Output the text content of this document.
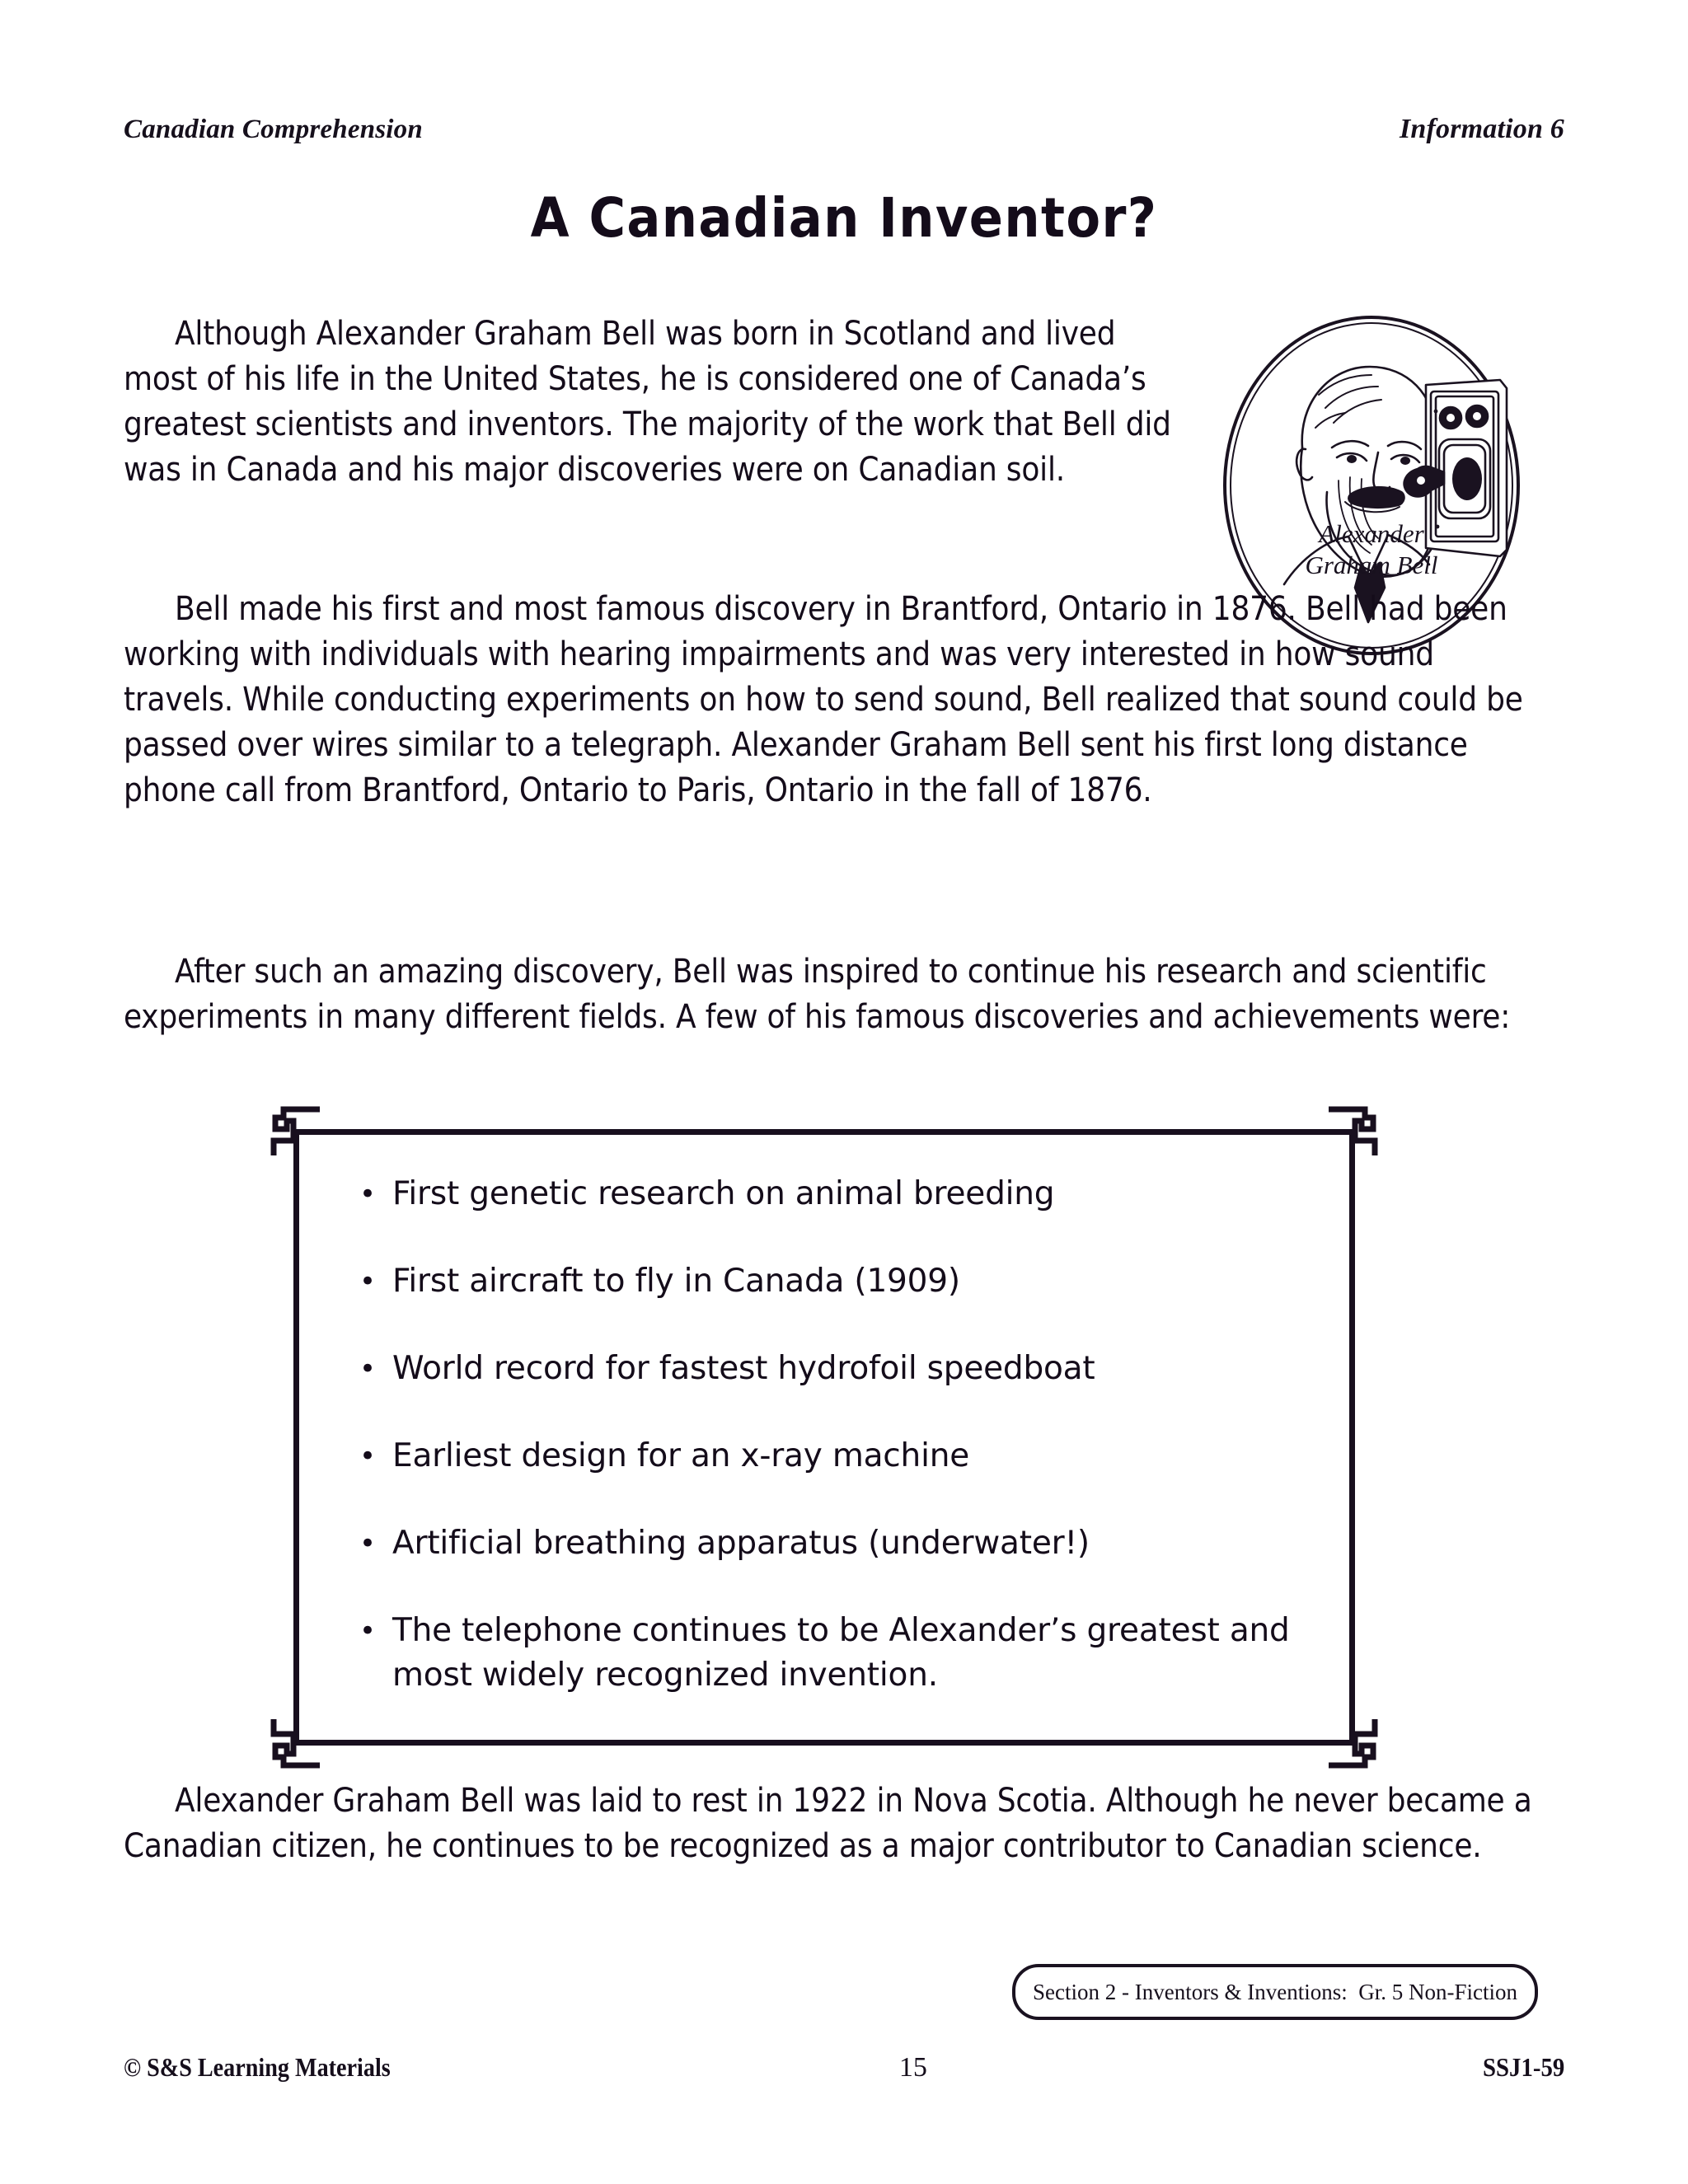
Canadian Comprehension	Information 6
A Canadian Inventor?
Although Alexander Graham Bell was born in Scotland and lived most of his life in the United States, he is considered one of Canada’s greatest scientists and inventors. The majority of the work that Bell did was in Canada and his major discoveries were on Canadian soil.
Alexander
Graham Bell
Bell made his first and most famous discovery in Brantford, Ontario in 1876. Bell had been working with individuals with hearing impairments and was very interested in how sound travels. While conducting experiments on how to send sound, Bell realized that sound could be passed over wires similar to a telegraph. Alexander Graham Bell sent his first long distance phone call from Brantford, Ontario to Paris, Ontario in the fall of 1876.
After such an amazing discovery, Bell was inspired to continue his research and scientific experiments in many different fields. A few of his famous discoveries and achievements were:
• First genetic research on animal breeding
• First aircraft to fly in Canada (1909)
• World record for fastest hydrofoil speedboat
• Earliest design for an x-ray machine
• Artificial breathing apparatus (underwater!)
• The telephone continues to be Alexander’s greatest and most widely recognized invention.
Alexander Graham Bell was laid to rest in 1922 in Nova Scotia. Although he never became a Canadian citizen, he continues to be recognized as a major contributor to Canadian science.
Section 2 - Inventors & Inventions:  Gr. 5 Non-Fiction
© S&S Learning Materials	15	SSJ1-59
